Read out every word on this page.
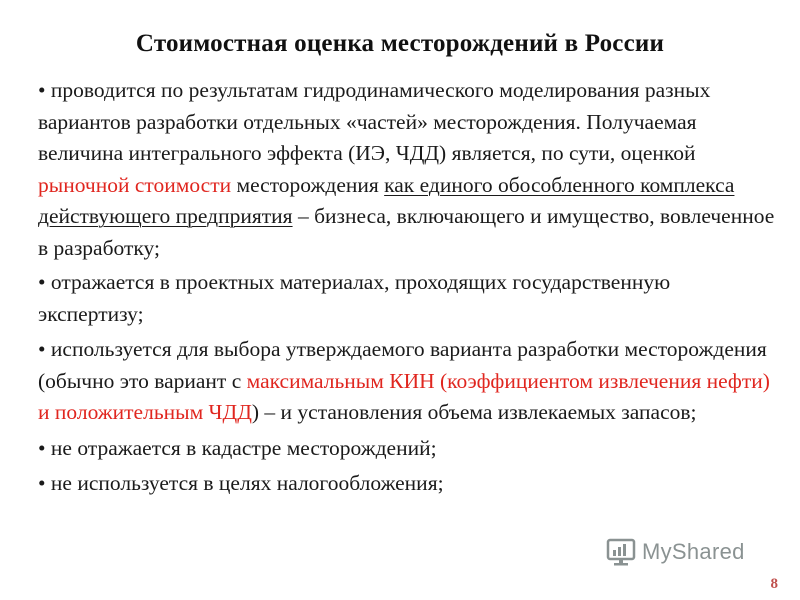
Стоимостная оценка месторождений в России
• проводится по результатам гидродинамического моделирования разных вариантов разработки отдельных «частей» месторождения. Получаемая величина интегрального эффекта (ИЭ, ЧДД) является, по сути, оценкой рыночной стоимости месторождения как единого обособленного комплекса действующего предприятия – бизнеса, включающего и имущество, вовлеченное в разработку;
• отражается в проектных материалах, проходящих государственную экспертизу;
• используется для выбора утверждаемого варианта разработки месторождения (обычно это вариант с максимальным КИН (коэффициентом извлечения нефти) и положительным ЧДД) – и установления объема извлекаемых запасов;
• не отражается в кадастре месторождений;
• не используется в целях налогообложения;
MyShared
8
